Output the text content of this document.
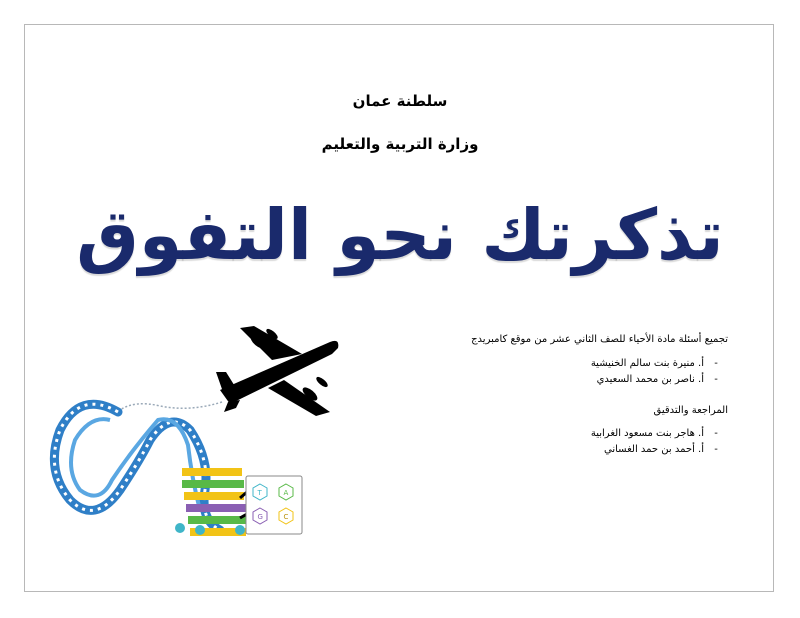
سلطنة عمان
وزارة التربية والتعليم
تذكرتك نحو التفوق
تجميع أسئلة مادة الأحياء للصف الثاني عشر من موقع كامبريدج
-أ. منيرة بنت سالم الخنيشية
-أ. ناصر بن محمد السعيدي
المراجعة والتدقيق
-أ. هاجر بنت مسعود الغرابية
-أ. أحمد بن حمد الغساني
T	A
G	C
